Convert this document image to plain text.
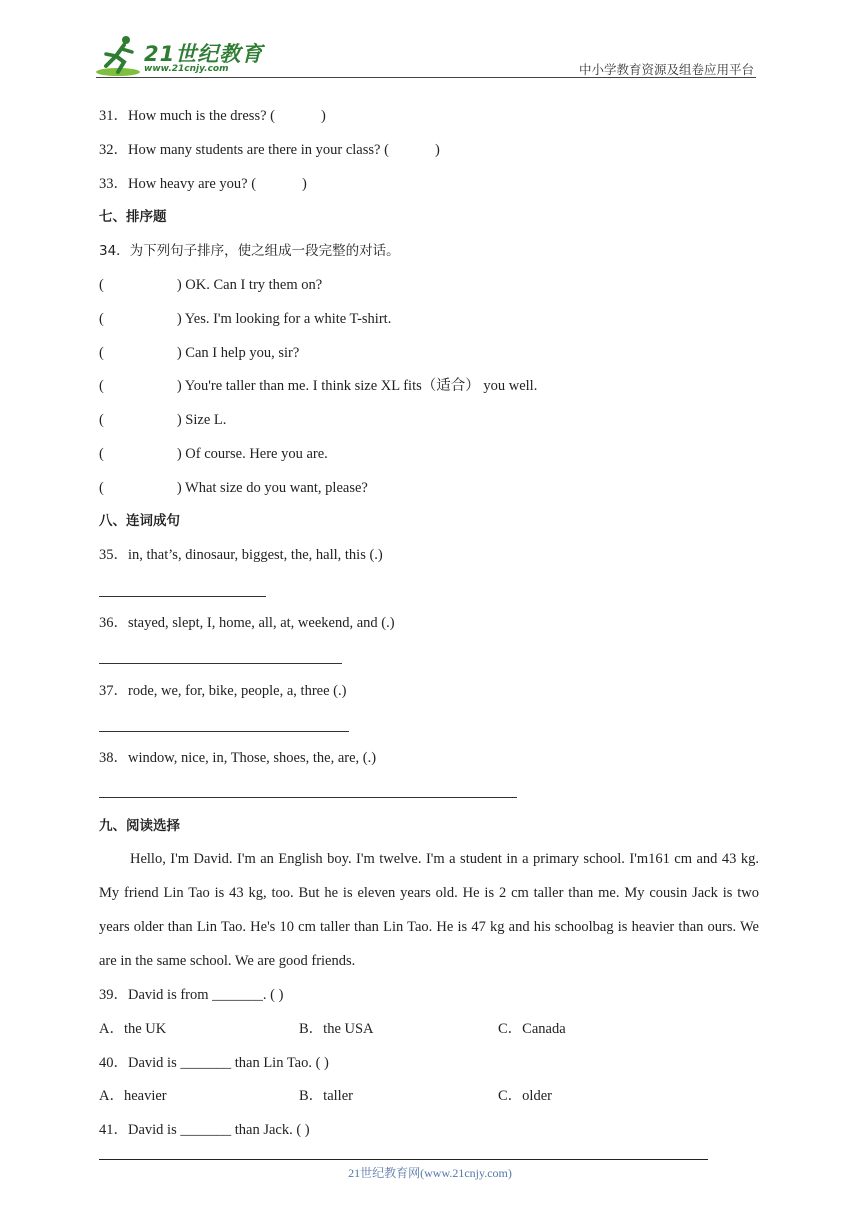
21世纪教育
www.21cnjy.com	中小学教育资源及组卷应用平台
31．How much is the dress? (	)
32．How many students are there in your class? (	)
33．How heavy are you? (	)
七、排序题
34．为下列句子排序，使之组成一段完整的对话。
(	) OK. Can I try them on?
(	) Yes. I'm looking for a white T-shirt.
(	) Can I help you, sir?
(	) You're taller than me. I think size XL fits（适合） you well.
(	) Size L.
(	) Of course. Here you are.
(	) What size do you want, please?
八、连词成句
35．in, that’s, dinosaur, biggest, the, hall, this (.)
36．stayed, slept, I, home, all, at, weekend, and (.)
37．rode, we, for, bike, people, a, three (.)
38．window, nice, in, Those, shoes, the, are, (.)
九、阅读选择
Hello, I'm David. I'm an English boy. I'm twelve. I'm a student in a primary school. I'm161 cm and 43 kg. My friend Lin Tao is 43 kg, too. But he is eleven years old. He is 2 cm taller than me. My cousin Jack is two years older than Lin Tao. He's 10 cm taller than Lin Tao. He is 47 kg and his schoolbag is heavier than ours. We are in the same school. We are good friends.
39．David is from _______. ( )
A．the UK	B．the USA	C．Canada
40．David is _______ than Lin Tao. ( )
A．heavier	B．taller	C．older
41．David is _______ than Jack. ( )
21世纪教育网(www.21cnjy.com)
